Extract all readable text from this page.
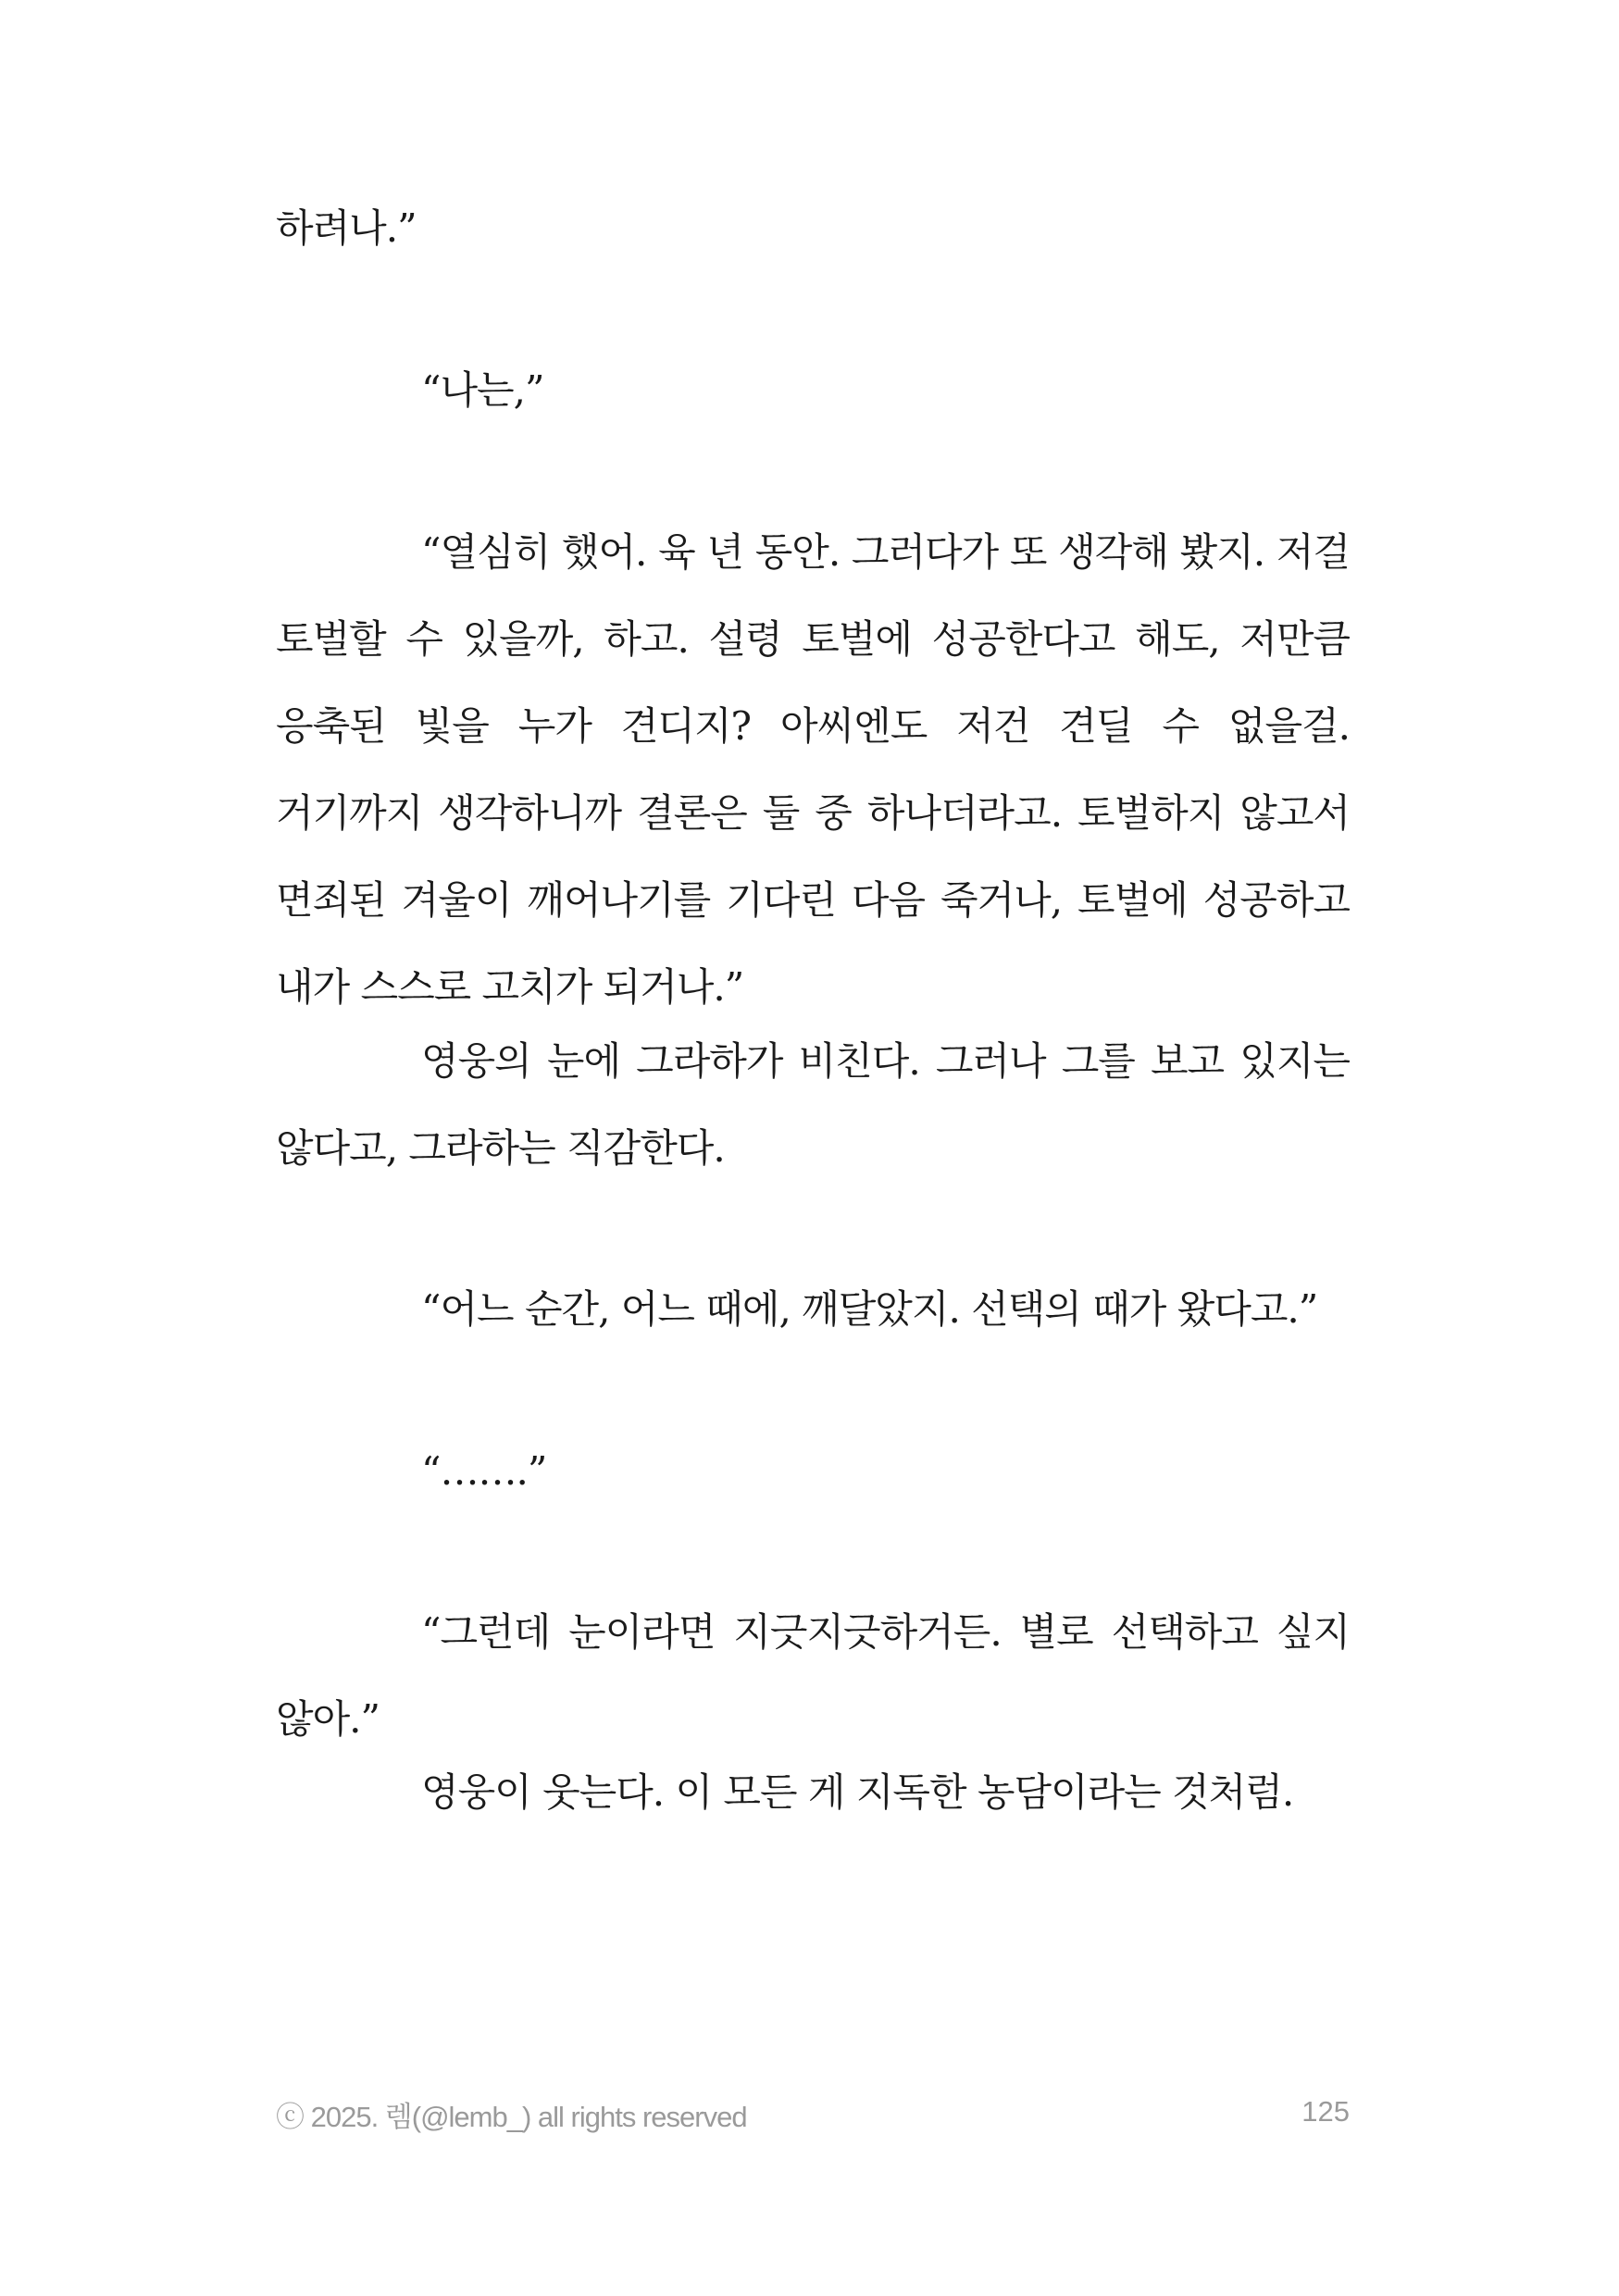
하려나.”

“나는,”

“열심히 했어. 육 년 동안. 그러다가 또 생각해 봤지. 저걸 토벌할 수 있을까, 하고. 설령 토벌에 성공한다고 해도, 저만큼 응축된 빛을 누가 견디지? 아씨엔도 저건 견딜 수 없을걸. 거기까지 생각하니까 결론은 둘 중 하나더라고. 토벌하지 않고서 면죄된 겨울이 깨어나기를 기다린 다음 죽거나, 토벌에 성공하고 내가 스스로 고치가 되거나.”

영웅의 눈에 그라하가 비친다. 그러나 그를 보고 있지는 않다고, 그라하는 직감한다.

“어느 순간, 어느 때에, 깨달았지. 선택의 때가 왔다고.”

“…….”

“그런데 눈이라면 지긋지긋하거든. 별로 선택하고 싶지 않아.”

영웅이 웃는다. 이 모든 게 지독한 농담이라는 것처럼.

ⓒ 2025. 렘(@lemb_) all rights reserved	125
